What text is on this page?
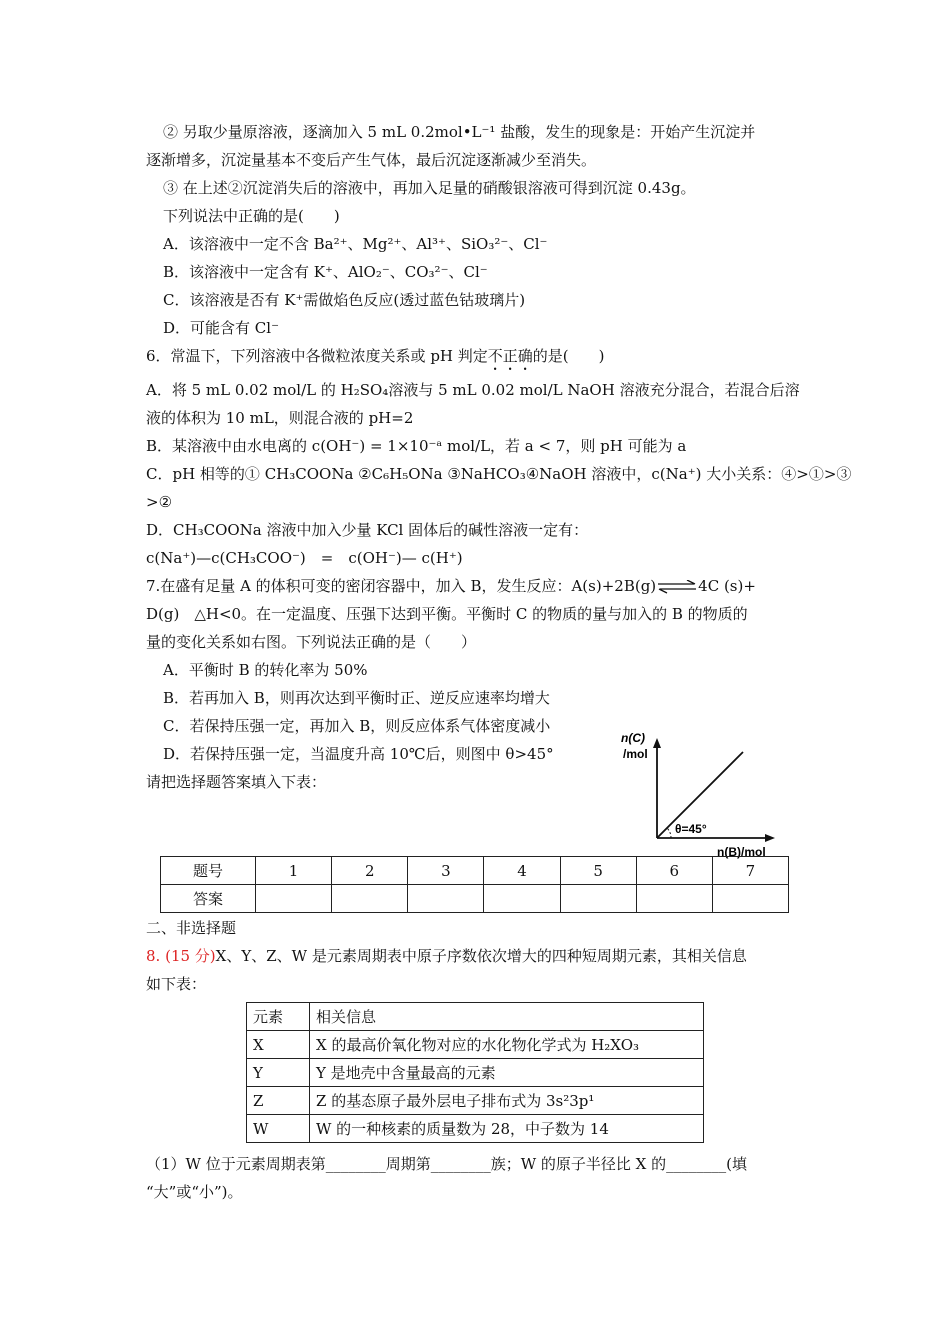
② 另取少量原溶液，逐滴加入 5 mL 0.2mol•L⁻¹ 盐酸，发生的现象是：开始产生沉淀并
逐渐增多，沉淀量基本不变后产生气体，最后沉淀逐渐减少至消失。
③ 在上述②沉淀消失后的溶液中，再加入足量的硝酸银溶液可得到沉淀 0.43g。
下列说法中正确的是(　　)
A．该溶液中一定不含 Ba²⁺、Mg²⁺、Al³⁺、SiO₃²⁻、Cl⁻
B．该溶液中一定含有 K⁺、AlO₂⁻、CO₃²⁻、Cl⁻
C．该溶液是否有 K⁺需做焰色反应(透过蓝色钴玻璃片)
D．可能含有 Cl⁻
6．常温下，下列溶液中各微粒浓度关系或 pH 判定不正确的是(　　)
A．将 5 mL 0.02 mol/L 的 H₂SO₄溶液与 5 mL 0.02 mol/L NaOH 溶液充分混合，若混合后溶
液的体积为 10 mL，则混合液的 pH=2
B．某溶液中由水电离的 c(OH⁻) = 1×10⁻ᵃ mol/L，若 a < 7，则 pH 可能为 a
C．pH 相等的① CH₃COONa ②C₆H₅ONa ③NaHCO₃④NaOH 溶液中，c(Na⁺) 大小关系：④>①>③
>②
D．CH₃COONa 溶液中加入少量 KCl 固体后的碱性溶液一定有：
c(Na⁺)—c(CH₃COO⁻)　=　c(OH⁻)— c(H⁺)
7.在盛有足量 A 的体积可变的密闭容器中，加入 B，发生反应：A(s)+2B(g)⇌4C (s)+
D(g)　△H<0。在一定温度、压强下达到平衡。平衡时 C 的物质的量与加入的 B 的物质的
量的变化关系如右图。下列说法正确的是（　　）
A．平衡时 B 的转化率为 50%
B．若再加入 B，则再次达到平衡时正、逆反应速率均增大
C．若保持压强一定，再加入 B，则反应体系气体密度减小
D．若保持压强一定，当温度升高 10℃后，则图中 θ>45°
请把选择题答案填入下表：
n(C)
/mol
θ=45°
n(B)/mol
题号	1	2	3	4	5	6	7
答案							
二、非选择题
8. (15 分)X、Y、Z、W 是元素周期表中原子序数依次增大的四种短周期元素，其相关信息
如下表：
元素	相关信息
X	X 的最高价氧化物对应的水化物化学式为 H₂XO₃
Y	Y 是地壳中含量最高的元素
Z	Z 的基态原子最外层电子排布式为 3s²3p¹
W	W 的一种核素的质量数为 28，中子数为 14
（1）W 位于元素周期表第________周期第________族；W 的原子半径比 X 的________(填
“大”或“小”)。
